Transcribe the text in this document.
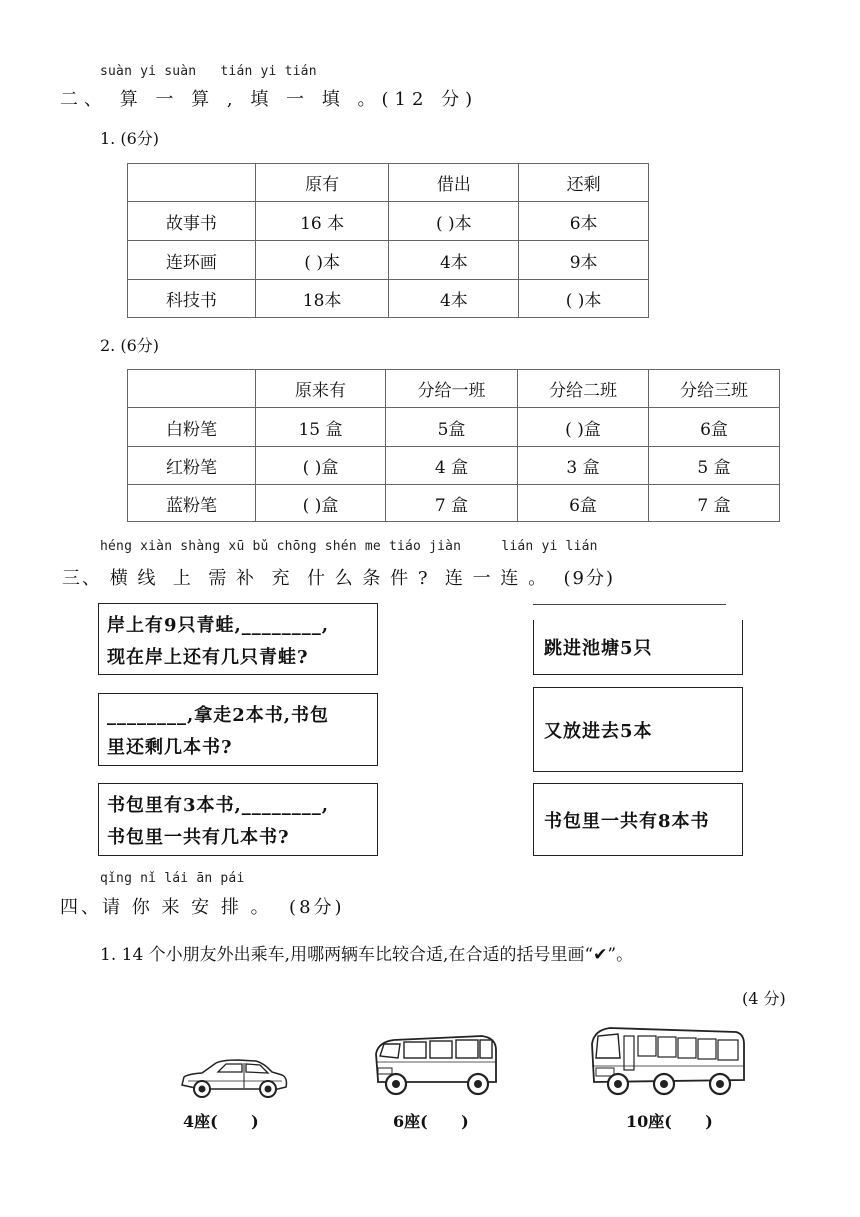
suàn yi suàn   tián yi tián
二、 算 一 算 , 填 一 填 。(12 分)
1. (6分)
	原有	借出	还剩
故事书	16 本	( )本	6本
连环画	( )本	4本	9本
科技书	18本	4本	( )本
2. (6分)
	原来有	分给一班	分给二班	分给三班
白粉笔	15 盒	5盒	( )盒	6盒
红粉笔	( )盒	4 盒	3 盒	5 盒
蓝粉笔	( )盒	7 盒	6盒	7 盒
héng xiàn shàng xū bǔ chōng shén me tiáo jiàn     lián yi lián
三、 横 线  上  需 补  充  什 么 条 件 ?  连 一 连 。  (9分)
岸上有9只青蛙,________,
现在岸上还有几只青蛙?
________,拿走2本书,书包
里还剩几本书?
书包里有3本书,________,
书包里一共有几本书?
跳进池塘5只
又放进去5本
书包里一共有8本书
qǐng nǐ lái ān pái
四、请 你 来 安 排 。  (8分)
1. 14 个小朋友外出乘车,用哪两辆车比较合适,在合适的括号里画“✔”。
(4 分)
4座(      )	6座(      )	10座(      )
